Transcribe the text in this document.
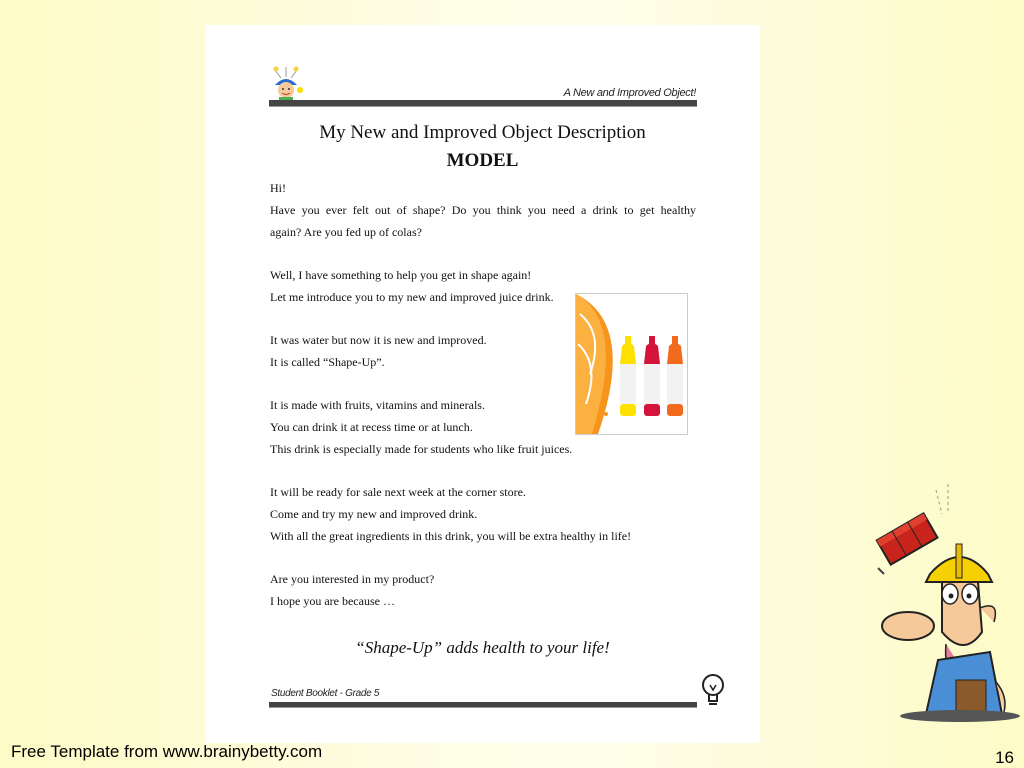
A New and Improved Object!
My New and Improved Object Description
MODEL
Hi!
Have you ever felt out of shape? Do you think you need a drink to get healthy
again? Are you fed up of colas?
Well, I have something to help you get in shape again!
Let me introduce you to my new and improved juice drink.
It was water but now it is new and improved.
It is called “Shape-Up”.
It is made with fruits, vitamins and minerals.
You can drink it at recess time or at lunch.
This drink is especially made for students who like fruit juices.
It will be ready for sale next week at the corner store.
Come and try my new and improved drink.
With all the great ingredients in this drink, you will be extra healthy in life!
Are you interested in my product?
I hope you are because …
“Shape-Up” adds health to your life!
Student Booklet - Grade 5
Free Template from www.brainybetty.com	16
